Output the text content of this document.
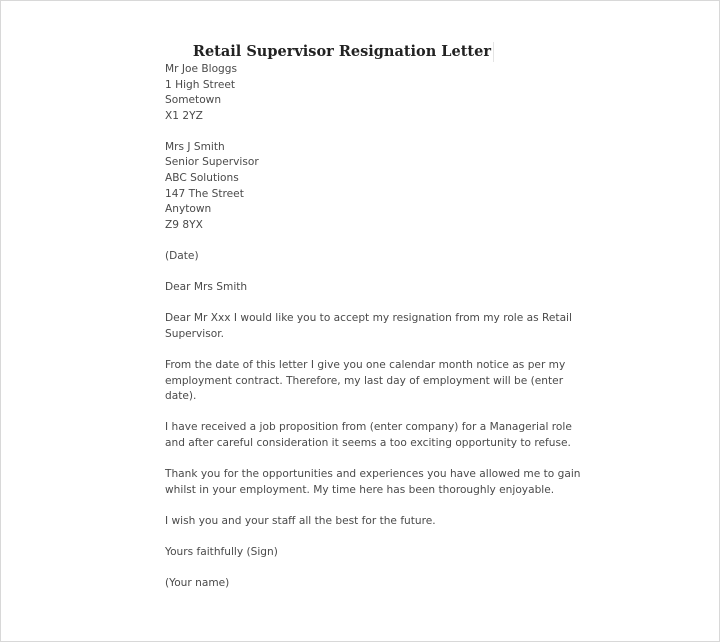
Retail Supervisor Resignation Letter
Mr Joe Bloggs
1 High Street
Sometown
X1 2YZ
Mrs J Smith
Senior Supervisor
ABC Solutions
147 The Street
Anytown
Z9 8YX
(Date)
Dear Mrs Smith
Dear Mr Xxx I would like you to accept my resignation from my role as Retail
Supervisor.
From the date of this letter I give you one calendar month notice as per my
employment contract. Therefore, my last day of employment will be (enter
date).
I have received a job proposition from (enter company) for a Managerial role
and after careful consideration it seems a too exciting opportunity to refuse.
Thank you for the opportunities and experiences you have allowed me to gain
whilst in your employment. My time here has been thoroughly enjoyable.
I wish you and your staff all the best for the future.
Yours faithfully (Sign)
(Your name)
